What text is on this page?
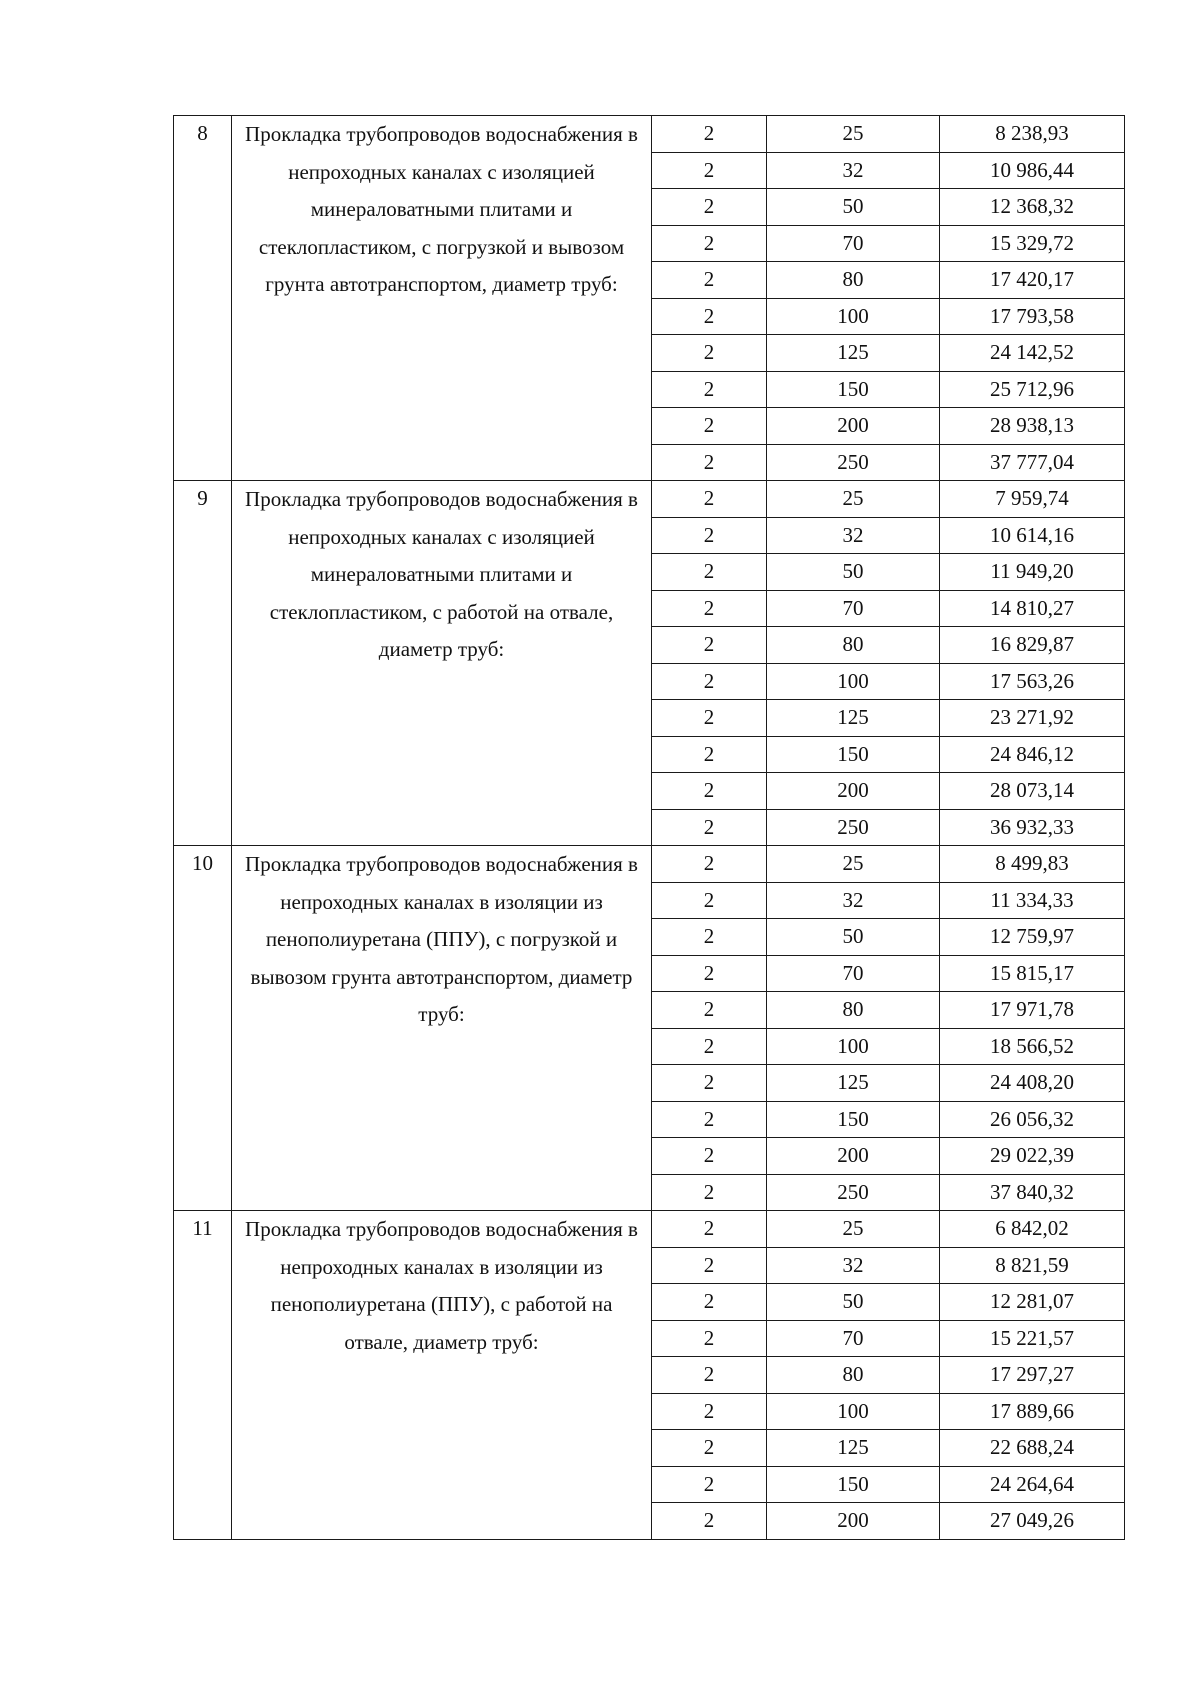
8	Прокладка трубопроводов водоснабжения в непроходных каналах с изоляцией минераловатными плитами и стеклопластиком, с погрузкой и вывозом грунта автотранспортом, диаметр труб:	2	25	8 238,93
		2	32	10 986,44
		2	50	12 368,32
		2	70	15 329,72
		2	80	17 420,17
		2	100	17 793,58
		2	125	24 142,52
		2	150	25 712,96
		2	200	28 938,13
		2	250	37 777,04
9	Прокладка трубопроводов водоснабжения в непроходных каналах с изоляцией минераловатными плитами и стеклопластиком, с работой на отвале, диаметр труб:	2	25	7 959,74
		2	32	10 614,16
		2	50	11 949,20
		2	70	14 810,27
		2	80	16 829,87
		2	100	17 563,26
		2	125	23 271,92
		2	150	24 846,12
		2	200	28 073,14
		2	250	36 932,33
10	Прокладка трубопроводов водоснабжения в непроходных каналах в изоляции из пенополиуретана (ППУ), с погрузкой и вывозом грунта автотранспортом, диаметр труб:	2	25	8 499,83
		2	32	11 334,33
		2	50	12 759,97
		2	70	15 815,17
		2	80	17 971,78
		2	100	18 566,52
		2	125	24 408,20
		2	150	26 056,32
		2	200	29 022,39
		2	250	37 840,32
11	Прокладка трубопроводов водоснабжения в непроходных каналах в изоляции из пенополиуретана (ППУ), с работой на отвале, диаметр труб:	2	25	6 842,02
		2	32	8 821,59
		2	50	12 281,07
		2	70	15 221,57
		2	80	17 297,27
		2	100	17 889,66
		2	125	22 688,24
		2	150	24 264,64
		2	200	27 049,26
